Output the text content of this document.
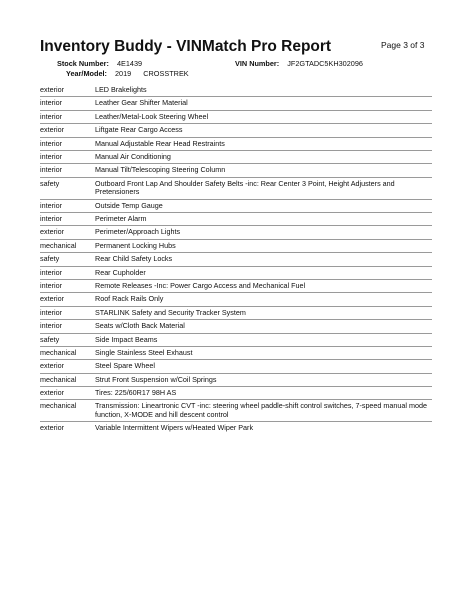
Inventory Buddy - VINMatch Pro Report	Page 3 of 3
Stock Number: 4E1439	VIN Number: JF2GTADC5KH302096
Year/Model: 2019 CROSSTREK
exterior	LED Brakelights
interior	Leather Gear Shifter Material
interior	Leather/Metal-Look Steering Wheel
exterior	Liftgate Rear Cargo Access
interior	Manual Adjustable Rear Head Restraints
interior	Manual Air Conditioning
interior	Manual Tilt/Telescoping Steering Column
safety	Outboard Front Lap And Shoulder Safety Belts -inc: Rear Center 3 Point, Height Adjusters and Pretensioners
interior	Outside Temp Gauge
interior	Perimeter Alarm
exterior	Perimeter/Approach Lights
mechanical	Permanent Locking Hubs
safety	Rear Child Safety Locks
interior	Rear Cupholder
interior	Remote Releases -Inc: Power Cargo Access and Mechanical Fuel
exterior	Roof Rack Rails Only
interior	STARLINK Safety and Security Tracker System
interior	Seats w/Cloth Back Material
safety	Side Impact Beams
mechanical	Single Stainless Steel Exhaust
exterior	Steel Spare Wheel
mechanical	Strut Front Suspension w/Coil Springs
exterior	Tires: 225/60R17 98H AS
mechanical	Transmission: Lineartronic CVT -inc: steering wheel paddle-shift control switches, 7-speed manual mode function, X-MODE and hill descent control
exterior	Variable Intermittent Wipers w/Heated Wiper Park
